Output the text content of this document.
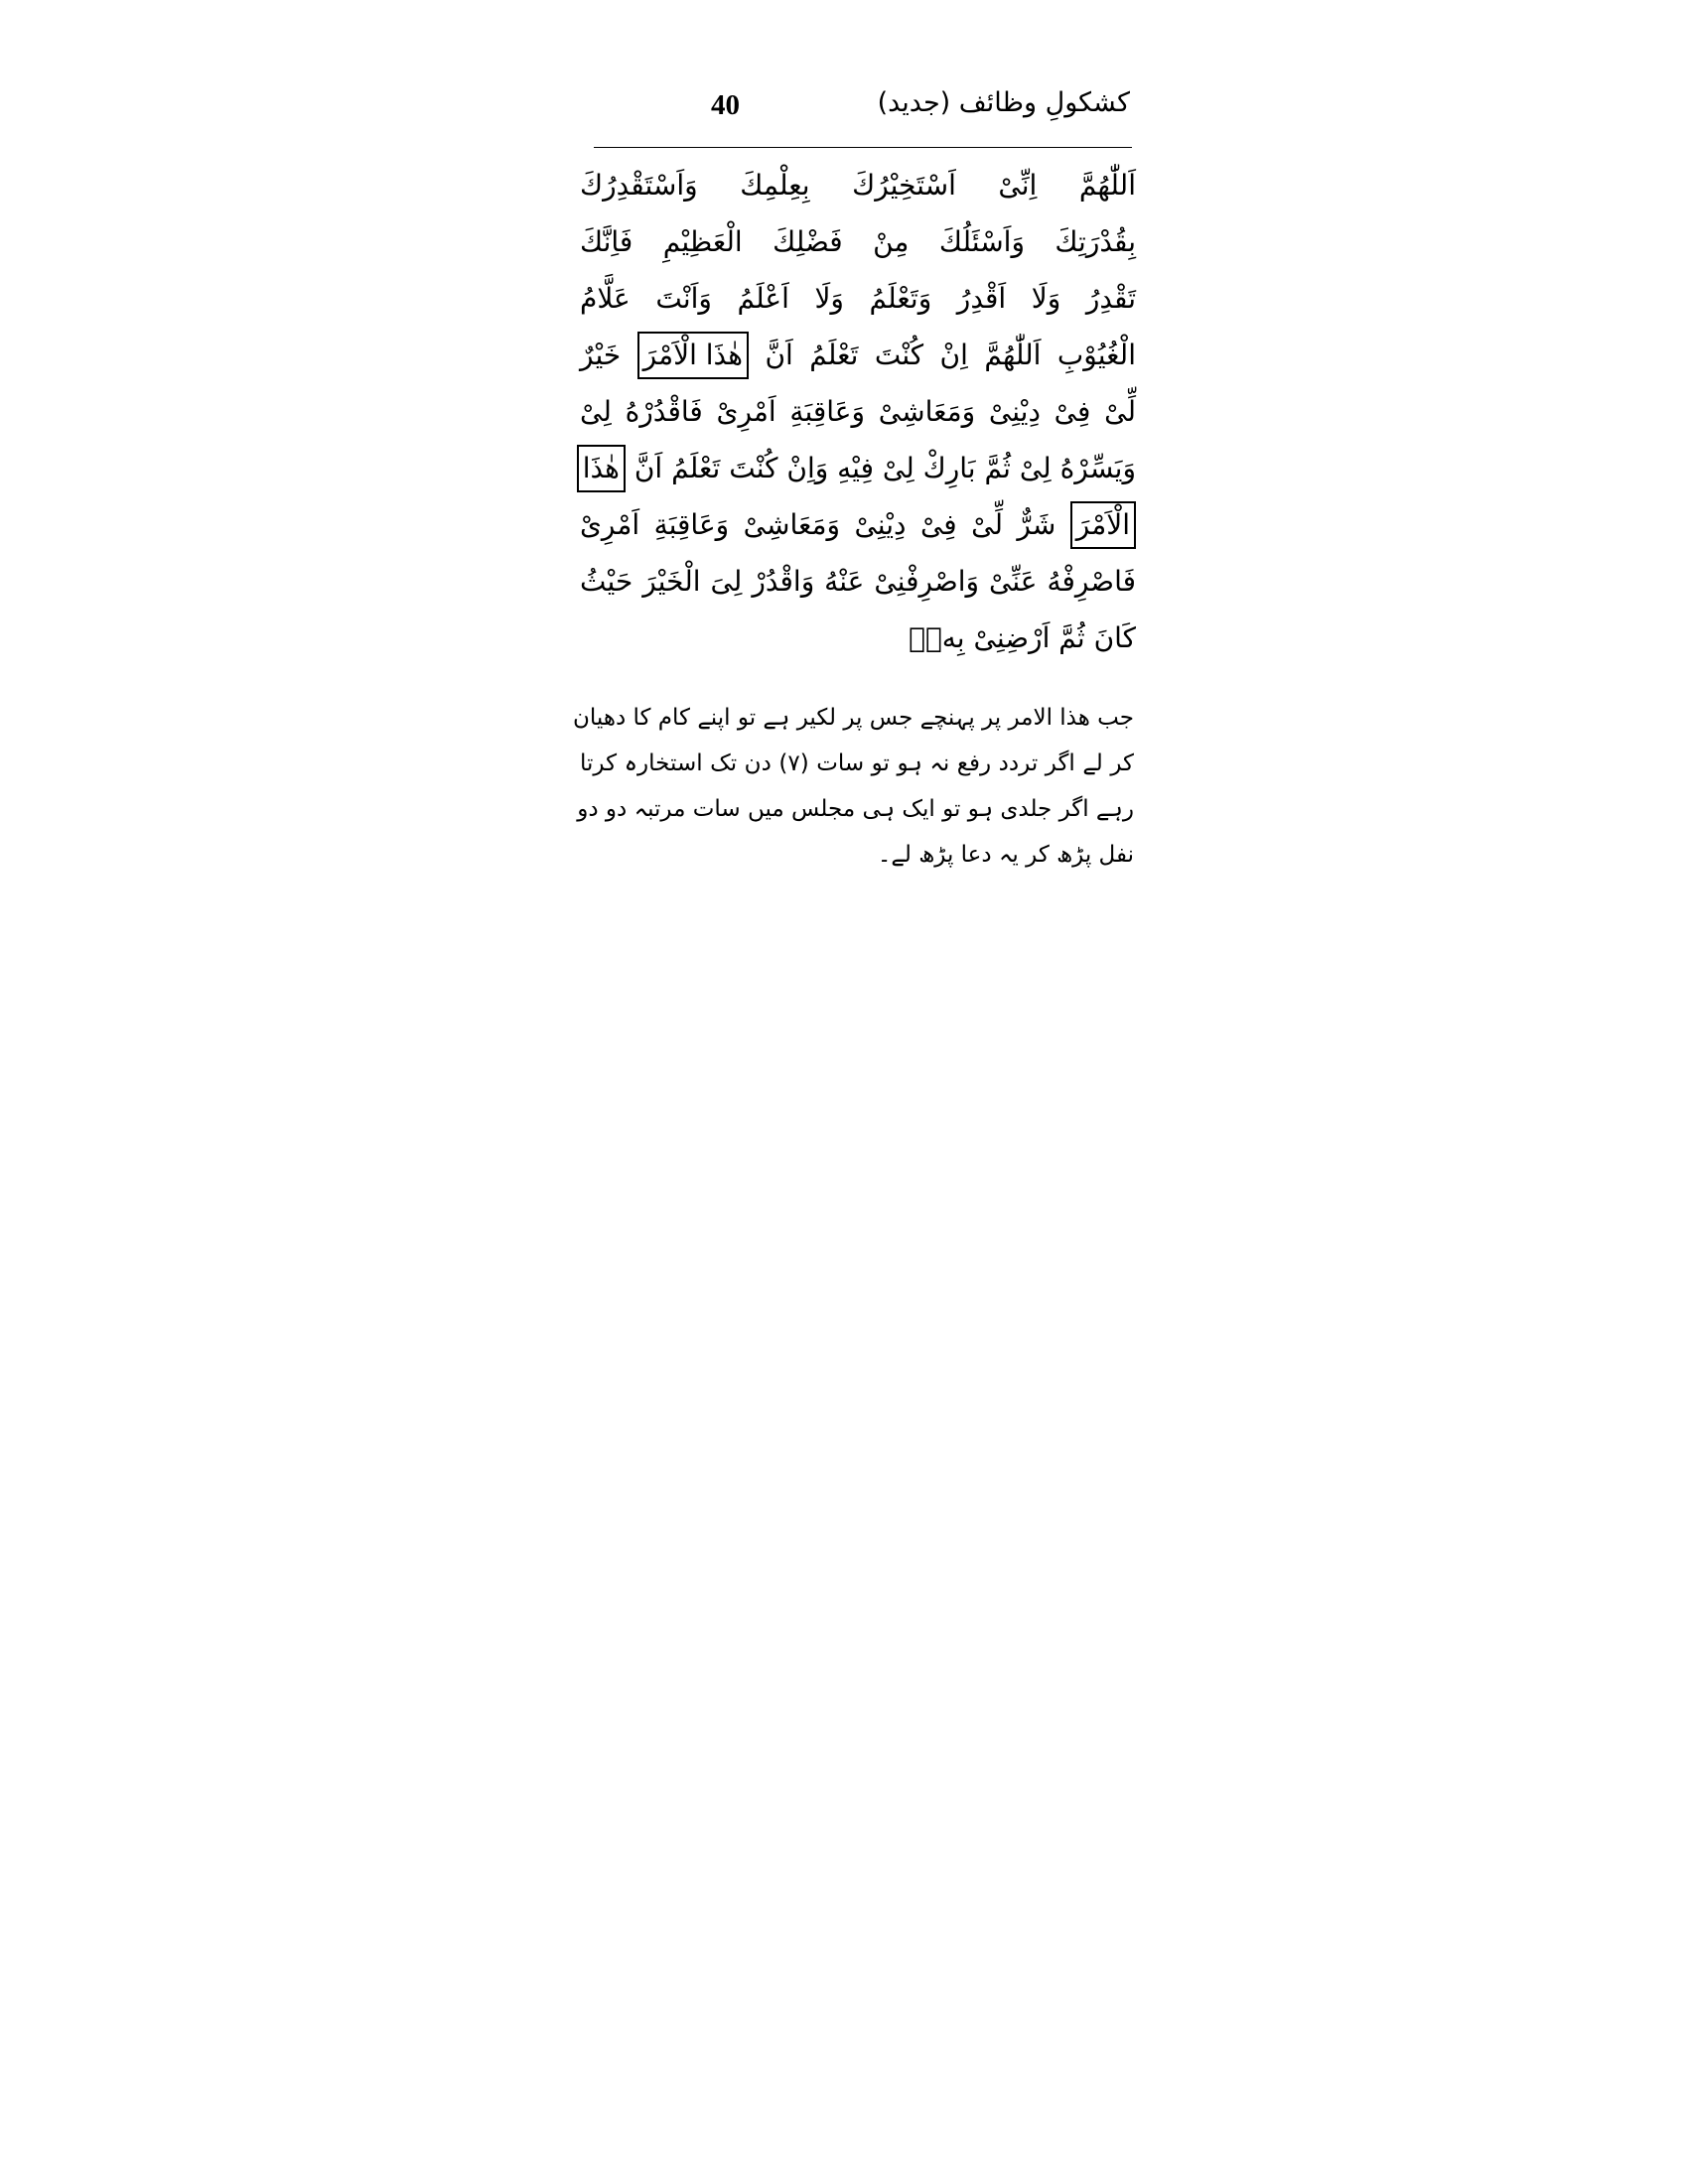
40	کشکولِ وظائف (جدید)
اَللّٰهُمَّ اِنِّیْ اَسْتَخِیْرُكَ بِعِلْمِكَ وَاَسْتَقْدِرُكَ
بِقُدْرَتِكَ وَاَسْئَلُكَ مِنْ فَضْلِكَ الْعَظِیْمِ فَاِنَّكَ
تَقْدِرُ وَلَا اَقْدِرُ وَتَعْلَمُ وَلَا اَعْلَمُ وَاَنْتَ عَلَّامُ
الْغُیُوْبِ اَللّٰهُمَّ اِنْ كُنْتَ تَعْلَمُ اَنَّ هٰذَا الْاَمْرَ خَیْرٌ
لِّیْ فِیْ دِیْنِیْ وَمَعَاشِیْ وَعَاقِبَةِ اَمْرِیْ فَاقْدُرْهُ لِیْ
وَیَسِّرْهُ لِیْ ثُمَّ بَارِكْ لِیْ فِیْهِ وَاِنْ كُنْتَ تَعْلَمُ اَنَّ هٰذَا
الْاَمْرَ شَرٌّ لِّیْ فِیْ دِیْنِیْ وَمَعَاشِیْ وَعَاقِبَةِ اَمْرِیْ
فَاصْرِفْهُ عَنِّیْ وَاصْرِفْنِیْ عَنْهُ وَاقْدُرْ لِیَ الْخَیْرَ حَیْثُ
كَانَ ثُمَّ اَرْضِنِیْ بِهٖ۔
جب ھذا الامر پر پہنچے جس پر لکیر ہے تو اپنے کام کا دھیان
کر لے اگر تردد رفع نہ ہو تو سات (۷) دن تک استخارہ کرتا
رہے اگر جلدی ہو تو ایک ہی مجلس میں سات مرتبہ دو دو
نفل پڑھ کر یہ دعا پڑھ لے۔
